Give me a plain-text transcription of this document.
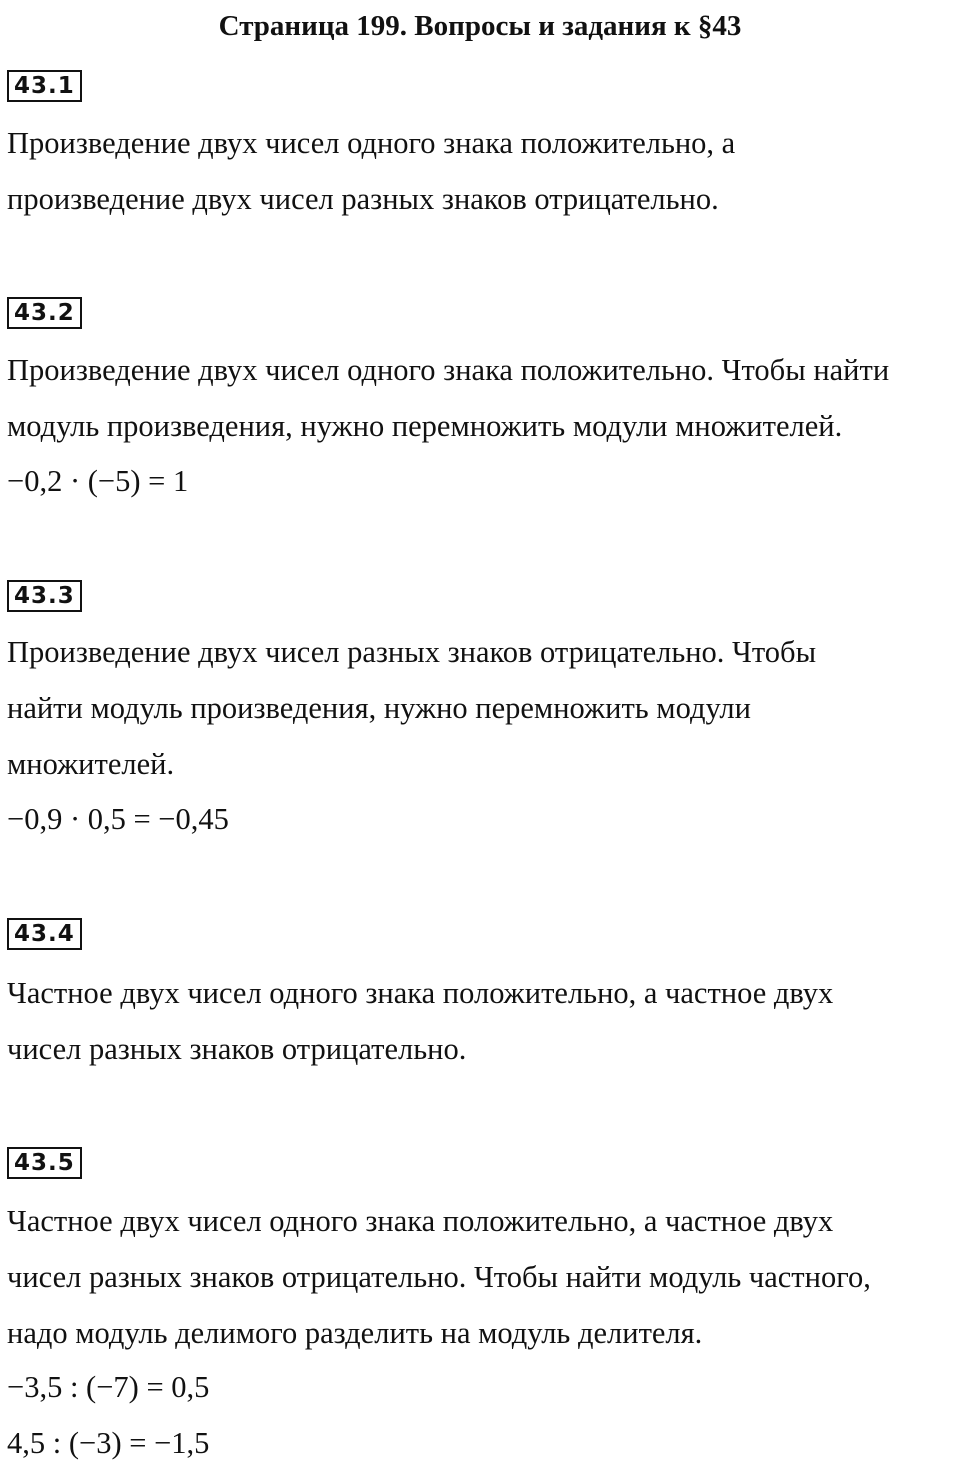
Страница 199. Вопросы и задания к §43
43.1
Произведение двух чисел одного знака положительно, а
произведение двух чисел разных знаков отрицательно.
43.2
Произведение двух чисел одного знака положительно. Чтобы найти
модуль произведения, нужно перемножить модули множителей.
−0,2 · (−5) = 1
43.3
Произведение двух чисел разных знаков отрицательно. Чтобы
найти модуль произведения, нужно перемножить модули
множителей.
−0,9 · 0,5 = −0,45
43.4
Частное двух чисел одного знака положительно, а частное двух
чисел разных знаков отрицательно.
43.5
Частное двух чисел одного знака положительно, а частное двух
чисел разных знаков отрицательно. Чтобы найти модуль частного,
надо модуль делимого разделить на модуль делителя.
−3,5 : (−7) = 0,5
4,5 : (−3) = −1,5
